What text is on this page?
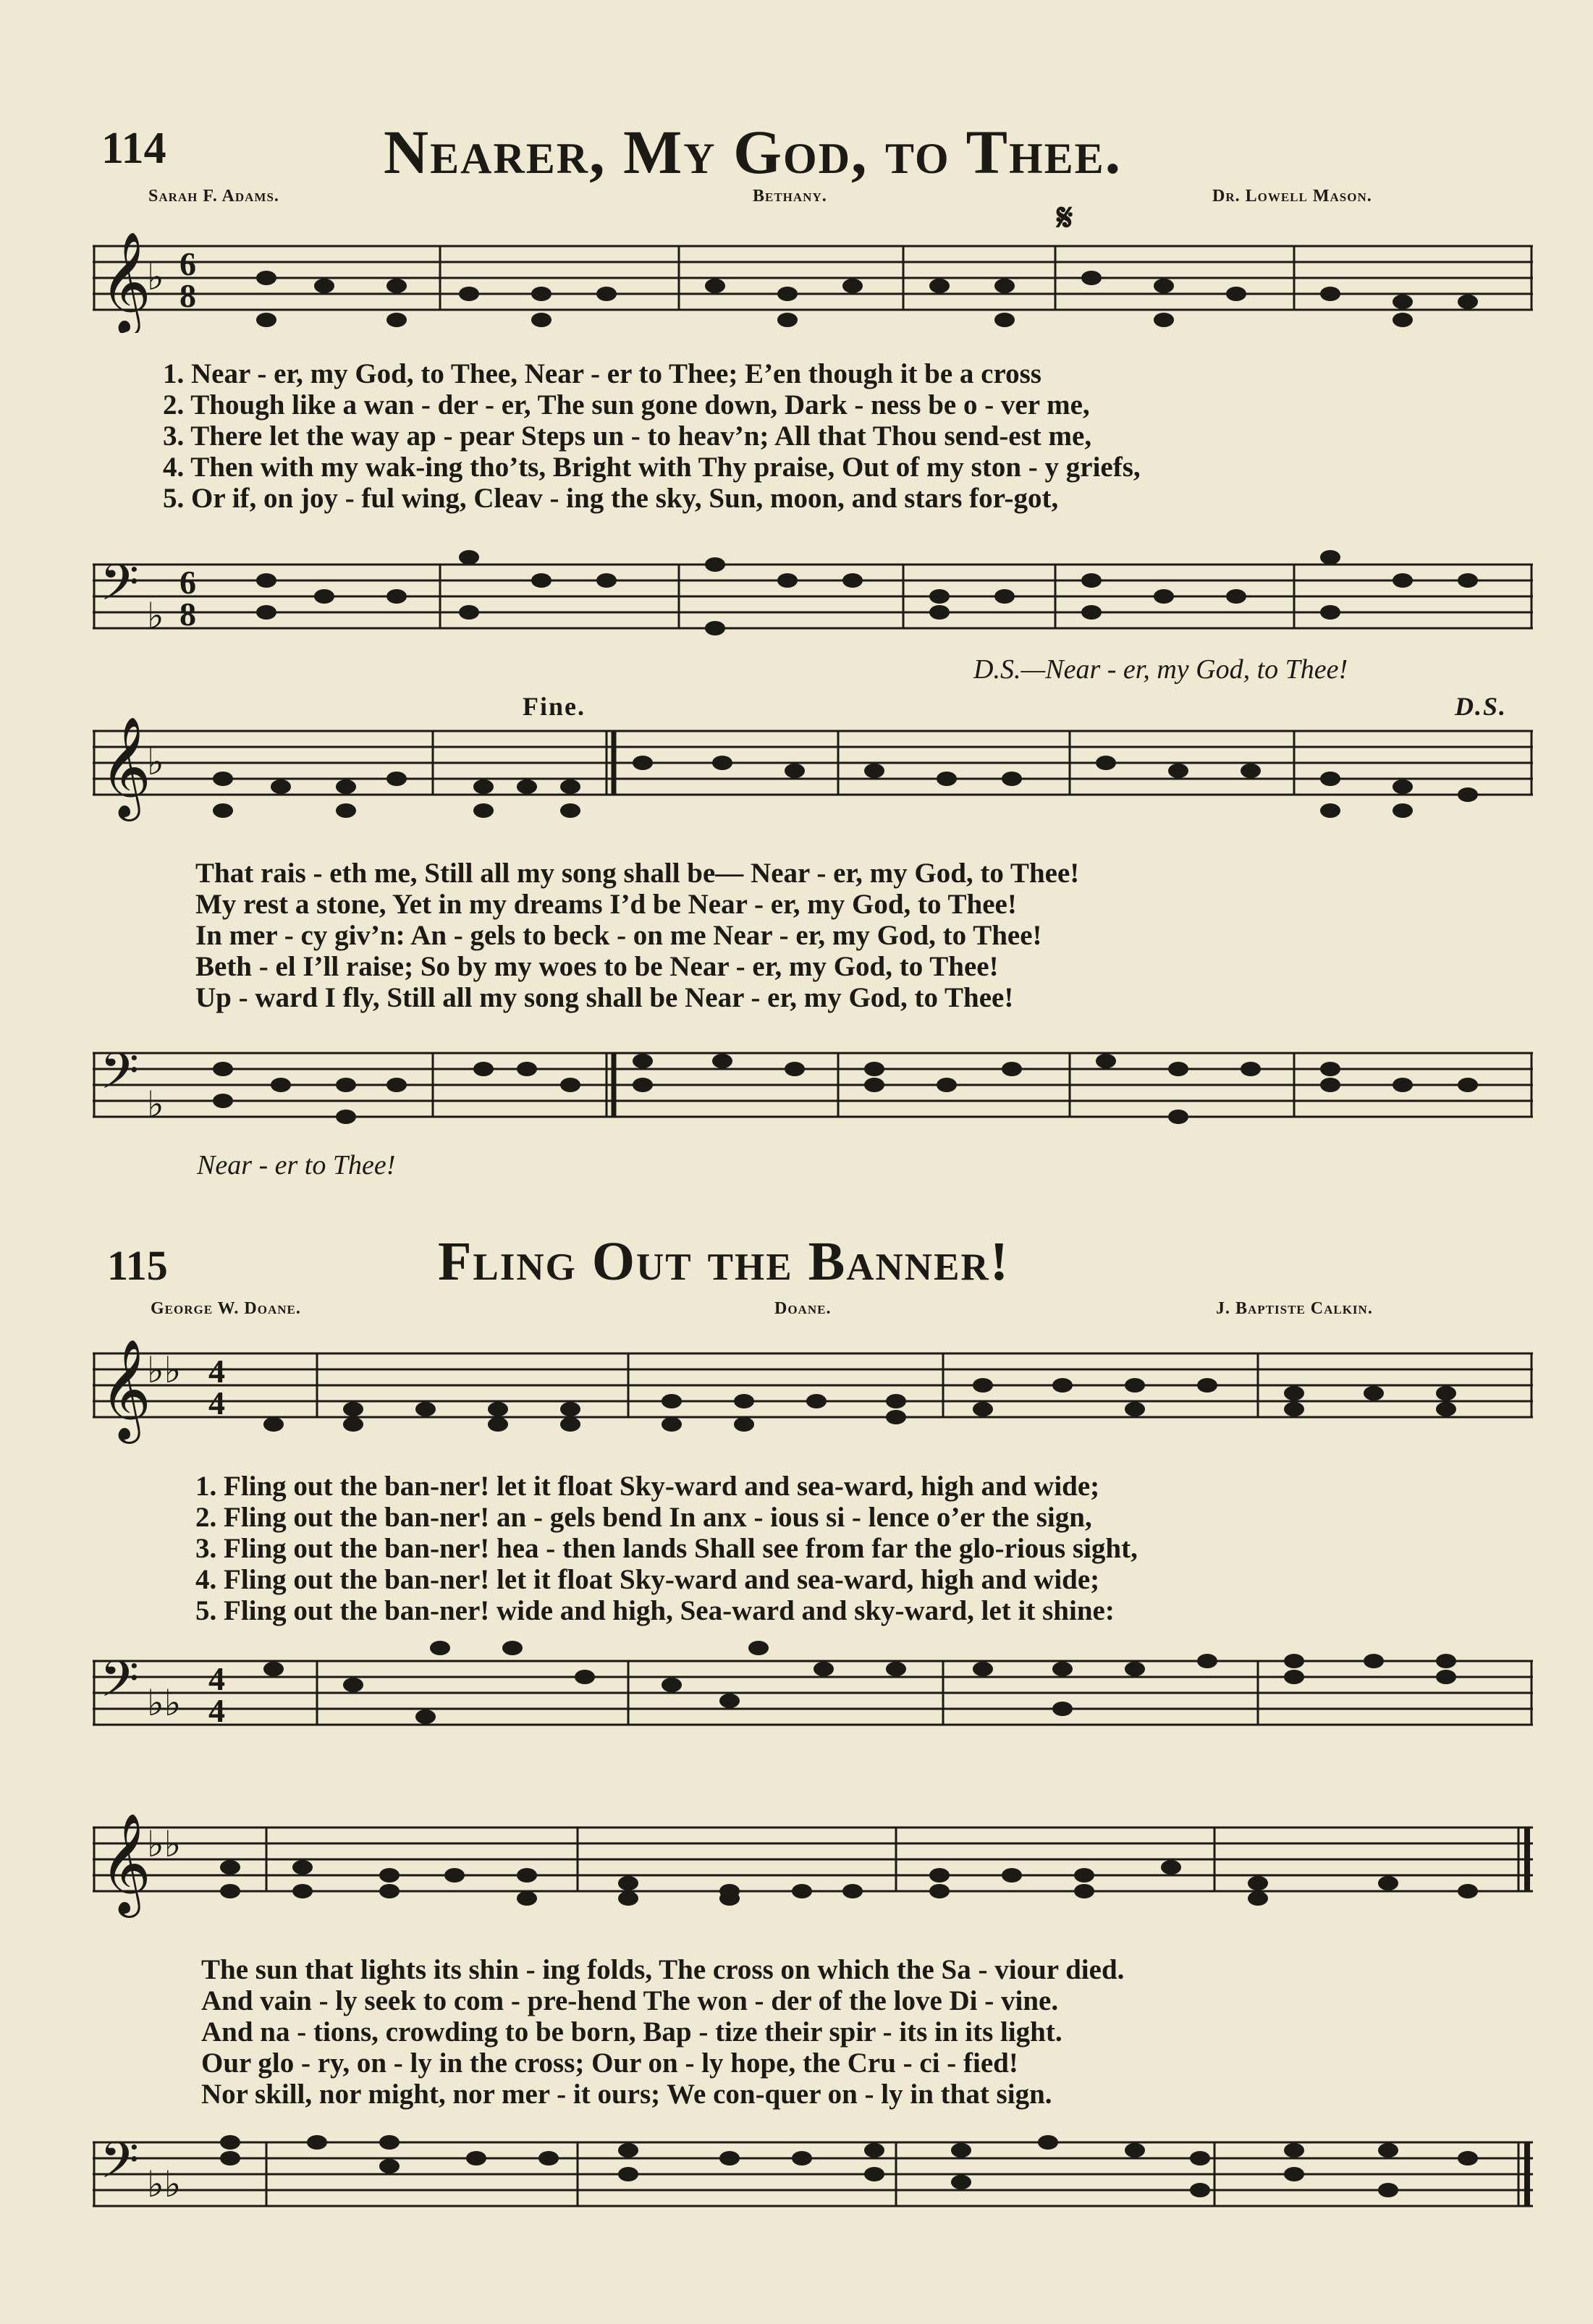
114	Nearer, My God, to Thee.
Sarah F. Adams.	Bethany.	Dr. Lowell Mason.
𝄋
𝄞
♭ 6
8
1. Near - er, my God, to Thee, Near - er to Thee; E’en though it be a cross
2. Though like a wan - der - er, The sun gone down, Dark - ness be o - ver me,
3. There let the way ap - pear Steps un - to heav’n; All that Thou send-est me,
4. Then with my wak-ing tho’ts, Bright with Thy praise, Out of my ston - y griefs,
5. Or if, on joy - ful wing, Cleav - ing the sky, Sun, moon, and stars for-got,
𝄢 ♭
6
8
D.S.—Near - er, my God, to Thee!
Fine.	D.S.
𝄞
♭
That rais - eth me, Still all my song shall be— Near - er, my God, to Thee!
My rest a stone, Yet in my dreams I’d be Near - er, my God, to Thee!
In mer - cy giv’n: An - gels to beck - on me Near - er, my God, to Thee!
Beth - el I’ll raise; So by my woes to be Near - er, my God, to Thee!
Up - ward I fly, Still all my song shall be Near - er, my God, to Thee!
𝄢 ♭
Near - er to Thee!
115	Fling Out the Banner!
George W. Doane.	Doane.	J. Baptiste Calkin.
𝄞
♭♭ 4
4
1. Fling out the ban-ner! let it float Sky-ward and sea-ward, high and wide;
2. Fling out the ban-ner! an - gels bend In anx - ious si - lence o’er the sign,
3. Fling out the ban-ner! hea - then lands Shall see from far the glo-rious sight,
4. Fling out the ban-ner! let it float Sky-ward and sea-ward, high and wide;
5. Fling out the ban-ner! wide and high, Sea-ward and sky-ward, let it shine:
𝄢 ♭♭
4
4
𝄞
♭♭
The sun that lights its shin - ing folds, The cross on which the Sa - viour died.
And vain - ly seek to com - pre-hend The won - der of the love Di - vine.
And na - tions, crowding to be born, Bap - tize their spir - its in its light.
Our glo - ry, on - ly in the cross; Our on - ly hope, the Cru - ci - fied!
Nor skill, nor might, nor mer - it ours; We con-quer on - ly in that sign.
𝄢 ♭♭
